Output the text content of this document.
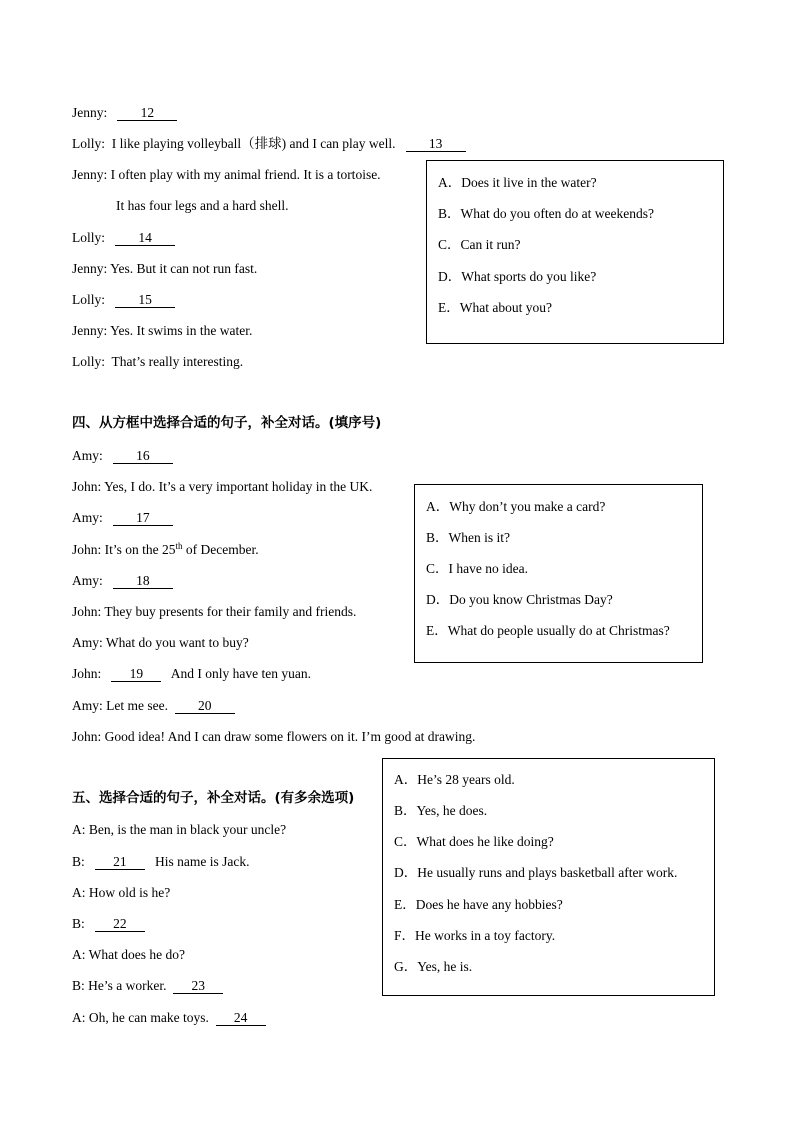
Jenny: 12
Lolly: I like playing volleyball（排球) and I can play well. 13
Jenny: I often play with my animal friend. It is a tortoise.
It has four legs and a hard shell.
Lolly: 14
Jenny: Yes. But it can not run fast.
Lolly: 15
Jenny: Yes. It swims in the water.
Lolly: That’s really interesting.
A．Does it live in the water?
B．What do you often do at weekends?
C．Can it run?
D．What sports do you like?
E．What about you?
四、从方框中选择合适的句子，补全对话。(填序号)
Amy: 16
John: Yes, I do. It’s a very important holiday in the UK.
Amy: 17
John: It’s on the 25th of December.
Amy: 18
John: They buy presents for their family and friends.
Amy: What do you want to buy?
John: 19 And I only have ten yuan.
Amy: Let me see. 20
John: Good idea! And I can draw some flowers on it. I’m good at drawing.
A．Why don’t you make a card?
B．When is it?
C．I have no idea.
D．Do you know Christmas Day?
E．What do people usually do at Christmas?
五、选择合适的句子，补全对话。(有多余选项)
A: Ben, is the man in black your uncle?
B: 21 His name is Jack.
A: How old is he?
B: 22
A: What does he do?
B: He’s a worker. 23
A: Oh, he can make toys. 24
A．He’s 28 years old.
B．Yes, he does.
C．What does he like doing?
D．He usually runs and plays basketball after work.
E．Does he have any hobbies?
F．He works in a toy factory.
G．Yes, he is.
